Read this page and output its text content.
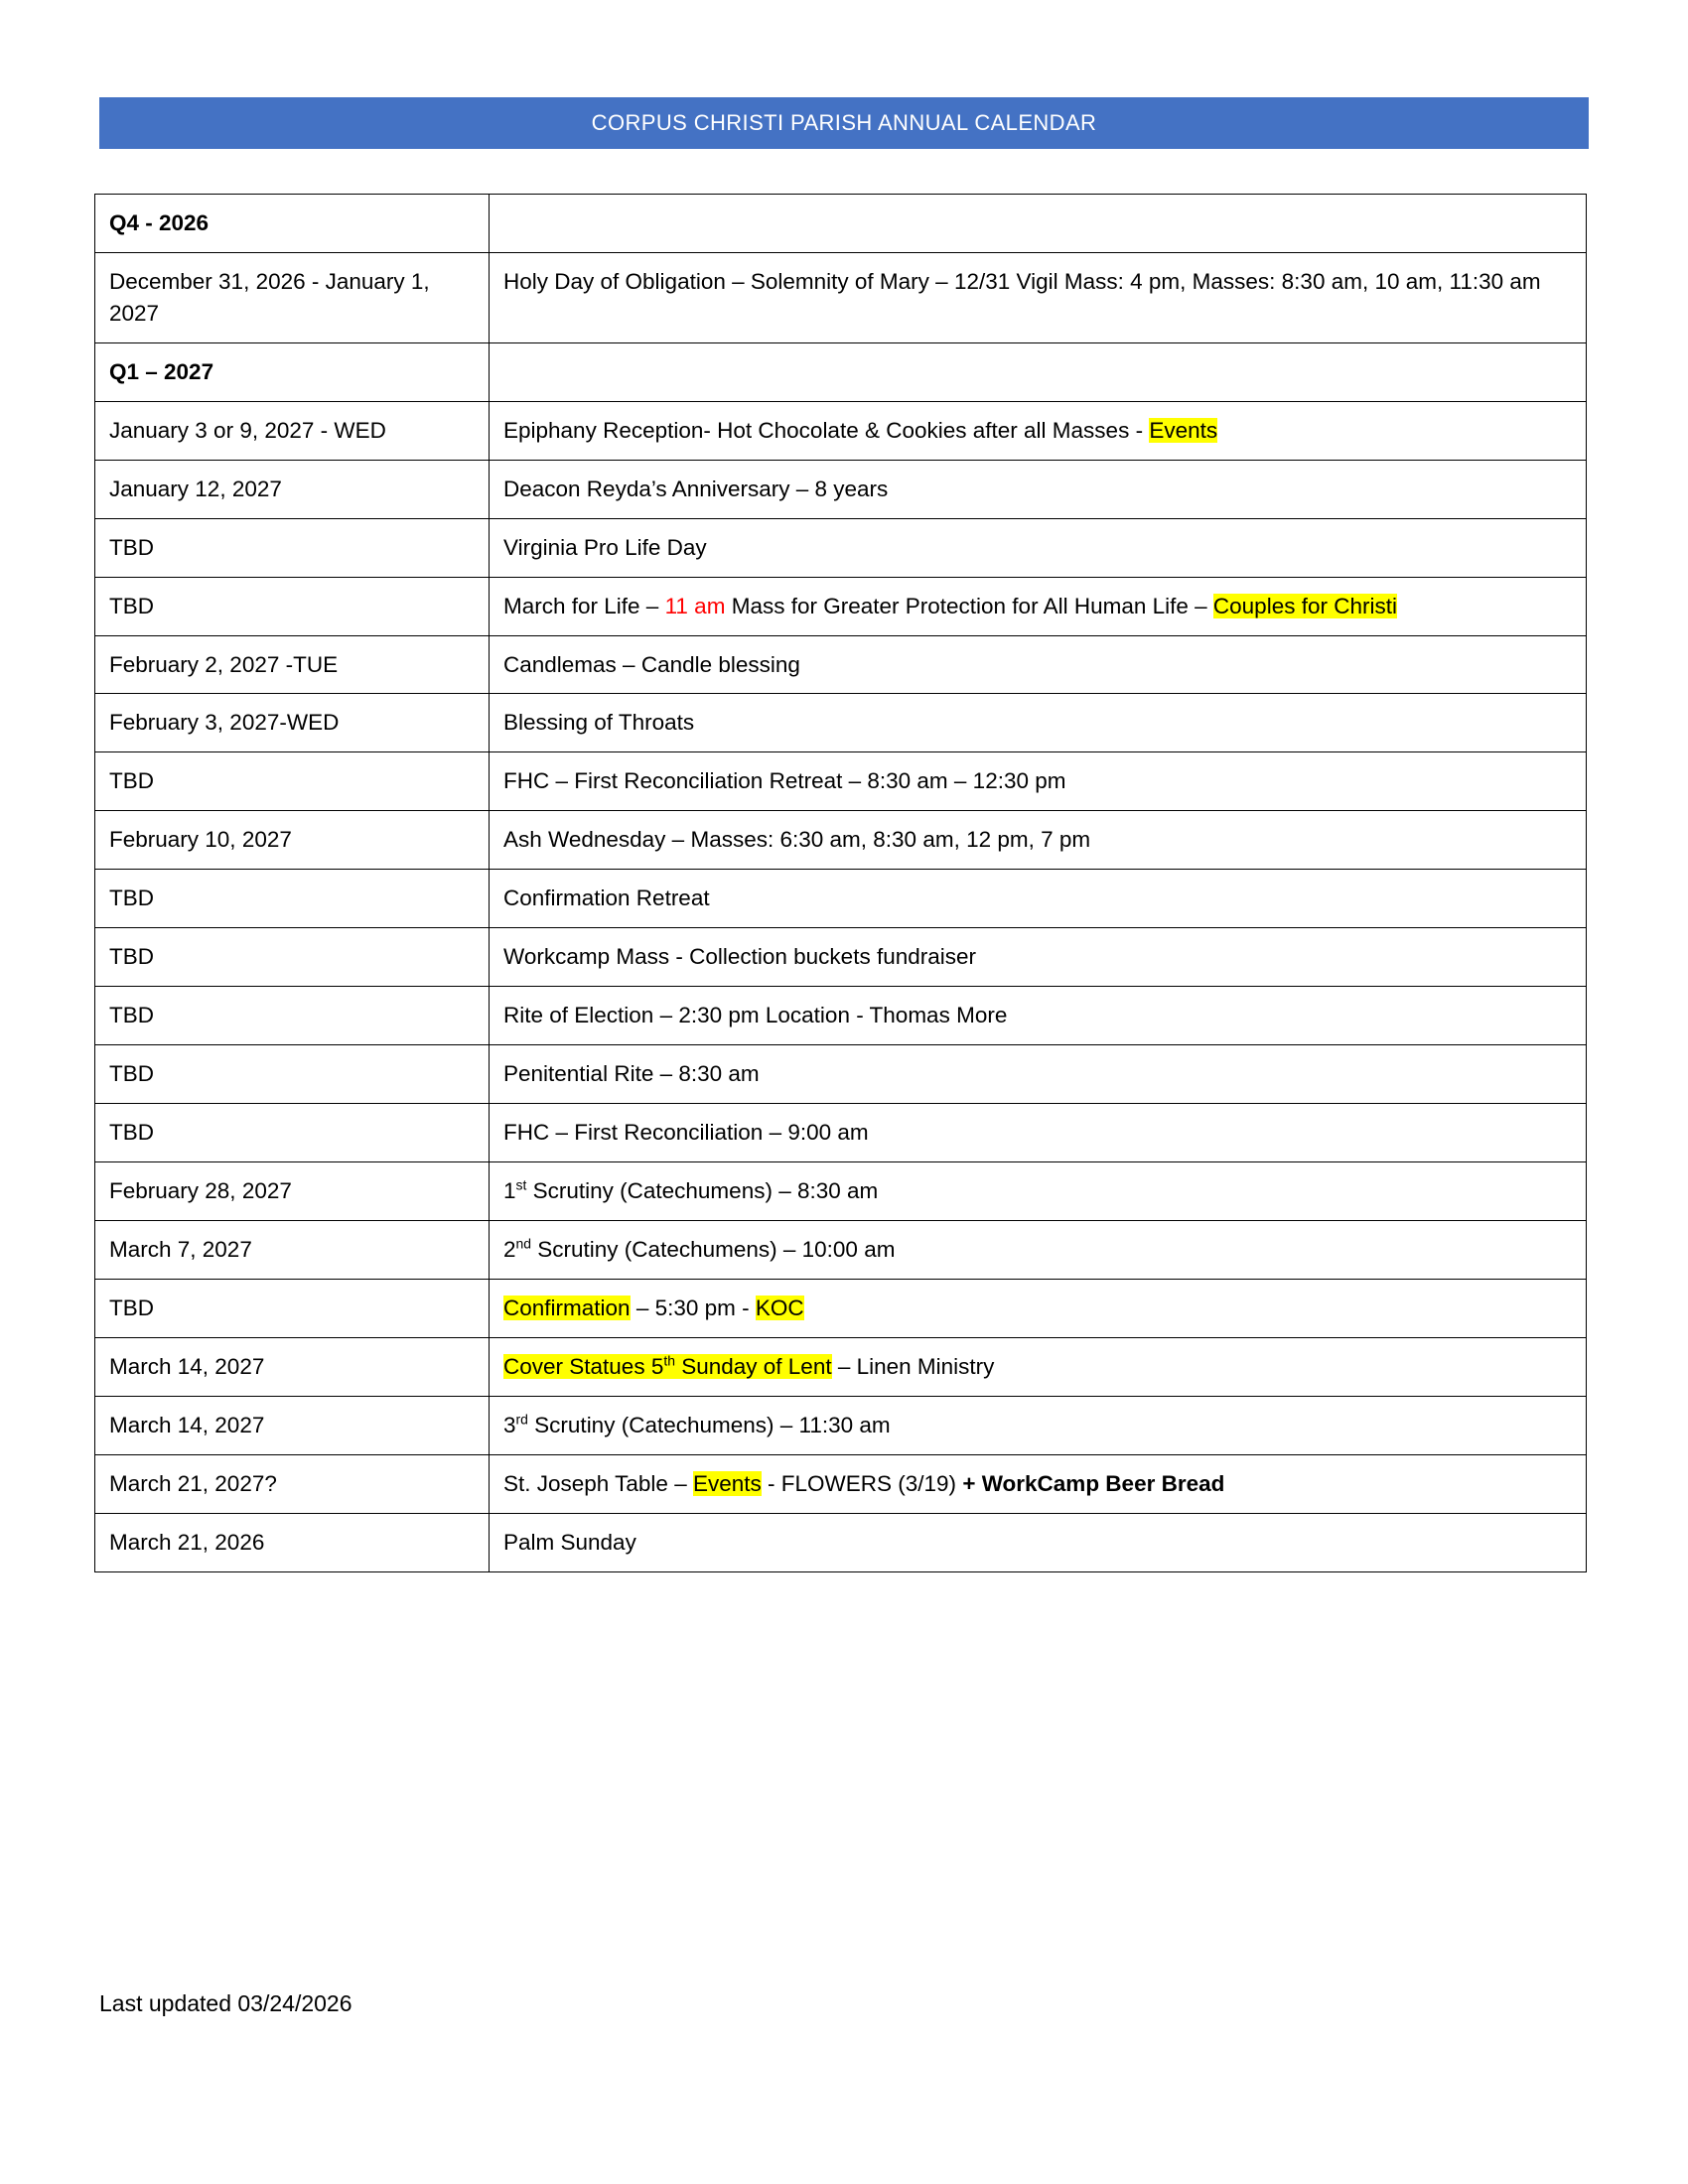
CORPUS CHRISTI PARISH ANNUAL CALENDAR
Q4 - 2026	
December 31, 2026 - January 1, 2027	Holy Day of Obligation – Solemnity of Mary – 12/31 Vigil Mass: 4 pm, Masses: 8:30 am, 10 am, 11:30 am
Q1 – 2027	
January 3 or 9, 2027 - WED	Epiphany Reception- Hot Chocolate & Cookies after all Masses - Events
January 12, 2027	Deacon Reyda’s Anniversary – 8 years
TBD	Virginia Pro Life Day
TBD	March for Life – 11 am Mass for Greater Protection for All Human Life – Couples for Christi
February 2, 2027 -TUE	Candlemas – Candle blessing
February 3, 2027-WED	Blessing of Throats
TBD	FHC – First Reconciliation Retreat – 8:30 am – 12:30 pm
February 10, 2027	Ash Wednesday – Masses: 6:30 am, 8:30 am, 12 pm, 7 pm
TBD	Confirmation Retreat
TBD	Workcamp Mass - Collection buckets fundraiser
TBD	Rite of Election – 2:30 pm Location - Thomas More
TBD	Penitential Rite – 8:30 am
TBD	FHC – First Reconciliation – 9:00 am
February 28, 2027	1st Scrutiny (Catechumens) – 8:30 am
March 7, 2027	2nd Scrutiny (Catechumens) – 10:00 am
TBD	Confirmation – 5:30 pm - KOC
March 14, 2027	Cover Statues 5th Sunday of Lent – Linen Ministry
March 14, 2027	3rd Scrutiny (Catechumens) – 11:30 am
March 21, 2027?	St. Joseph Table – Events - FLOWERS (3/19) + WorkCamp Beer Bread
March 21, 2026	Palm Sunday
Last updated 03/24/2026
